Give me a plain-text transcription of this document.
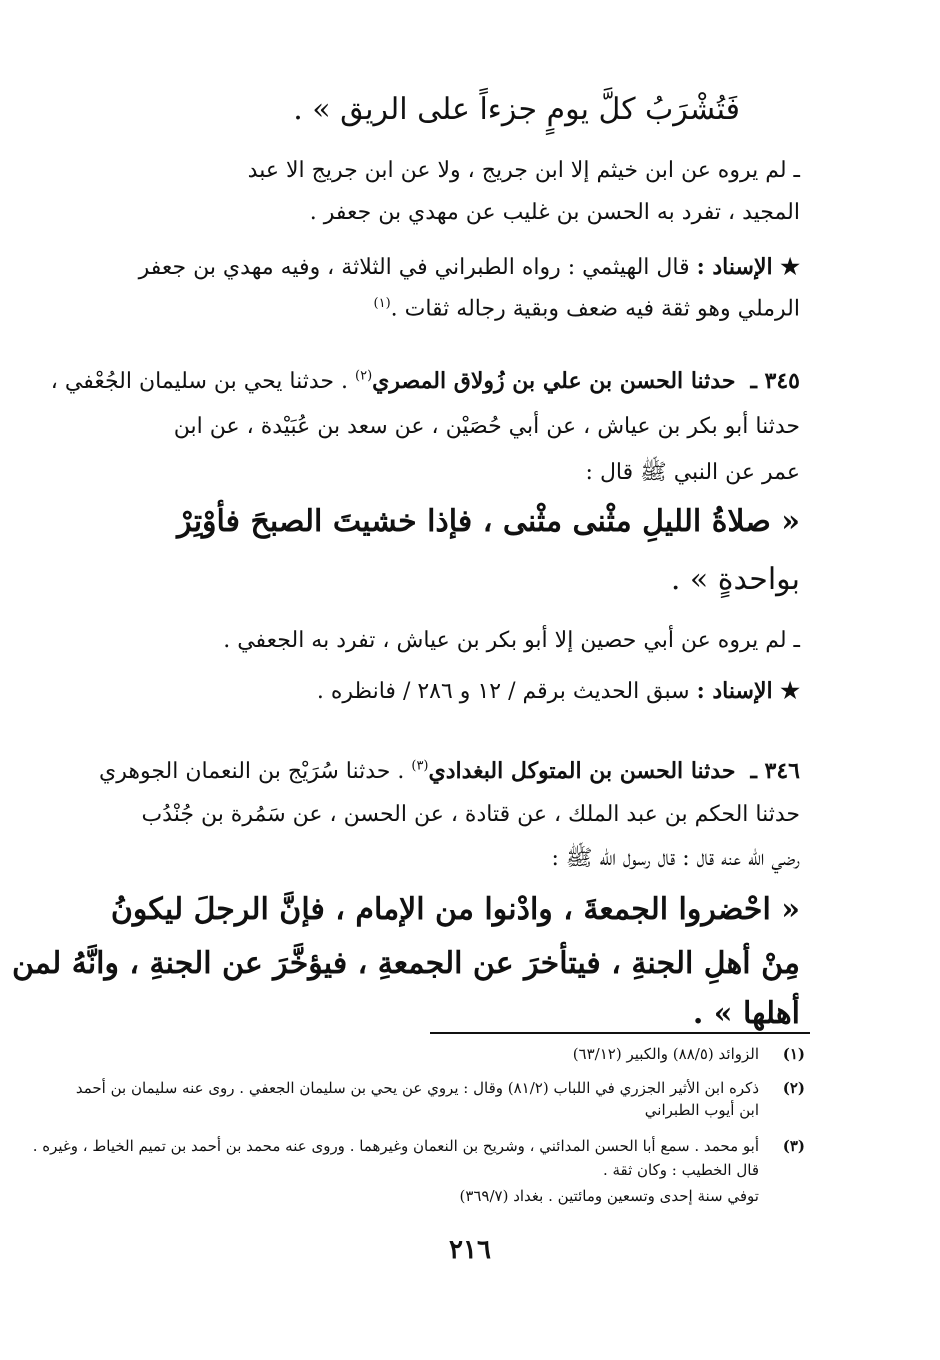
فَتُشْرَبُ كلَّ يومٍ جزءاً على الريق » .
ـ لم يروه عن ابن خيثم إلا ابن جريج ، ولا عن ابن جريج الا عبد
المجيد ، تفرد به الحسن بن غليب عن مهدي بن جعفر .
★ الإسناد : قال الهيثمي : رواه الطبراني في الثلاثة ، وفيه مهدي بن جعفر
الرملي وهو ثقة فيه ضعف وبقية رجاله ثقات .$^{(١)}$
٣٤٥ ـ حدثنا الحسن بن علي بن زُولاق المصري$^{(٢)}$ . حدثنا يحي بن سليمان الجُعْفي ،
حدثنا أبو بكر بن عياش ، عن أبي حُصَيْن ، عن سعد بن عُبَيْدة ، عن ابن
عمر عن النبي ﷺ قال :
« صلاةُ الليلِ مثْنى مثْنى ، فإذا خشيتَ الصبحَ فأوْتِرْ
بواحدةٍ » .
ـ لم يروه عن أبي حصين إلا أبو بكر بن عياش ، تفرد به الجعفي .
★ الإسناد : سبق الحديث برقم / ١٢ و ٢٨٦ / فانظره .
٣٤٦ ـ حدثنا الحسن بن المتوكل البغدادي$^{(٣)}$ . حدثنا سُرَيْج بن النعمان الجوهري
حدثنا الحكم بن عبد الملك ، عن قتادة ، عن الحسن ، عن سَمُرة بن جُنْدُب
رضي الله عنه قال : قال رسول الله ﷺ :
« احْضروا الجمعةَ ، وادْنوا من الإمام ، فإنَّ الرجلَ ليكونُ
مِنْ أهلِ الجنةِ ، فيتأخرَ عن الجمعةِ ، فيؤخَّرَ عن الجنةِ ، وانَّهُ لمن
أهلها » .
(١)الزوائد (٨٨/٥) والكبير (٦٣/١٢)
(٢)ذكره ابن الأثير الجزري في اللباب (٨١/٢) وقال : يروي عن يحي بن سليمان الجعفي . روى عنه سليمان بن أحمد
ابن أيوب الطبراني
(٣)أبو محمد . سمع أبا الحسن المدائني ، وشريح بن النعمان وغيرهما . وروى عنه محمد بن أحمد بن تميم الخياط ، وغيره .
قال الخطيب : وكان ثقة .
توفي سنة إحدى وتسعين ومائتين . بغداد (٣٦٩/٧)
٢١٦
